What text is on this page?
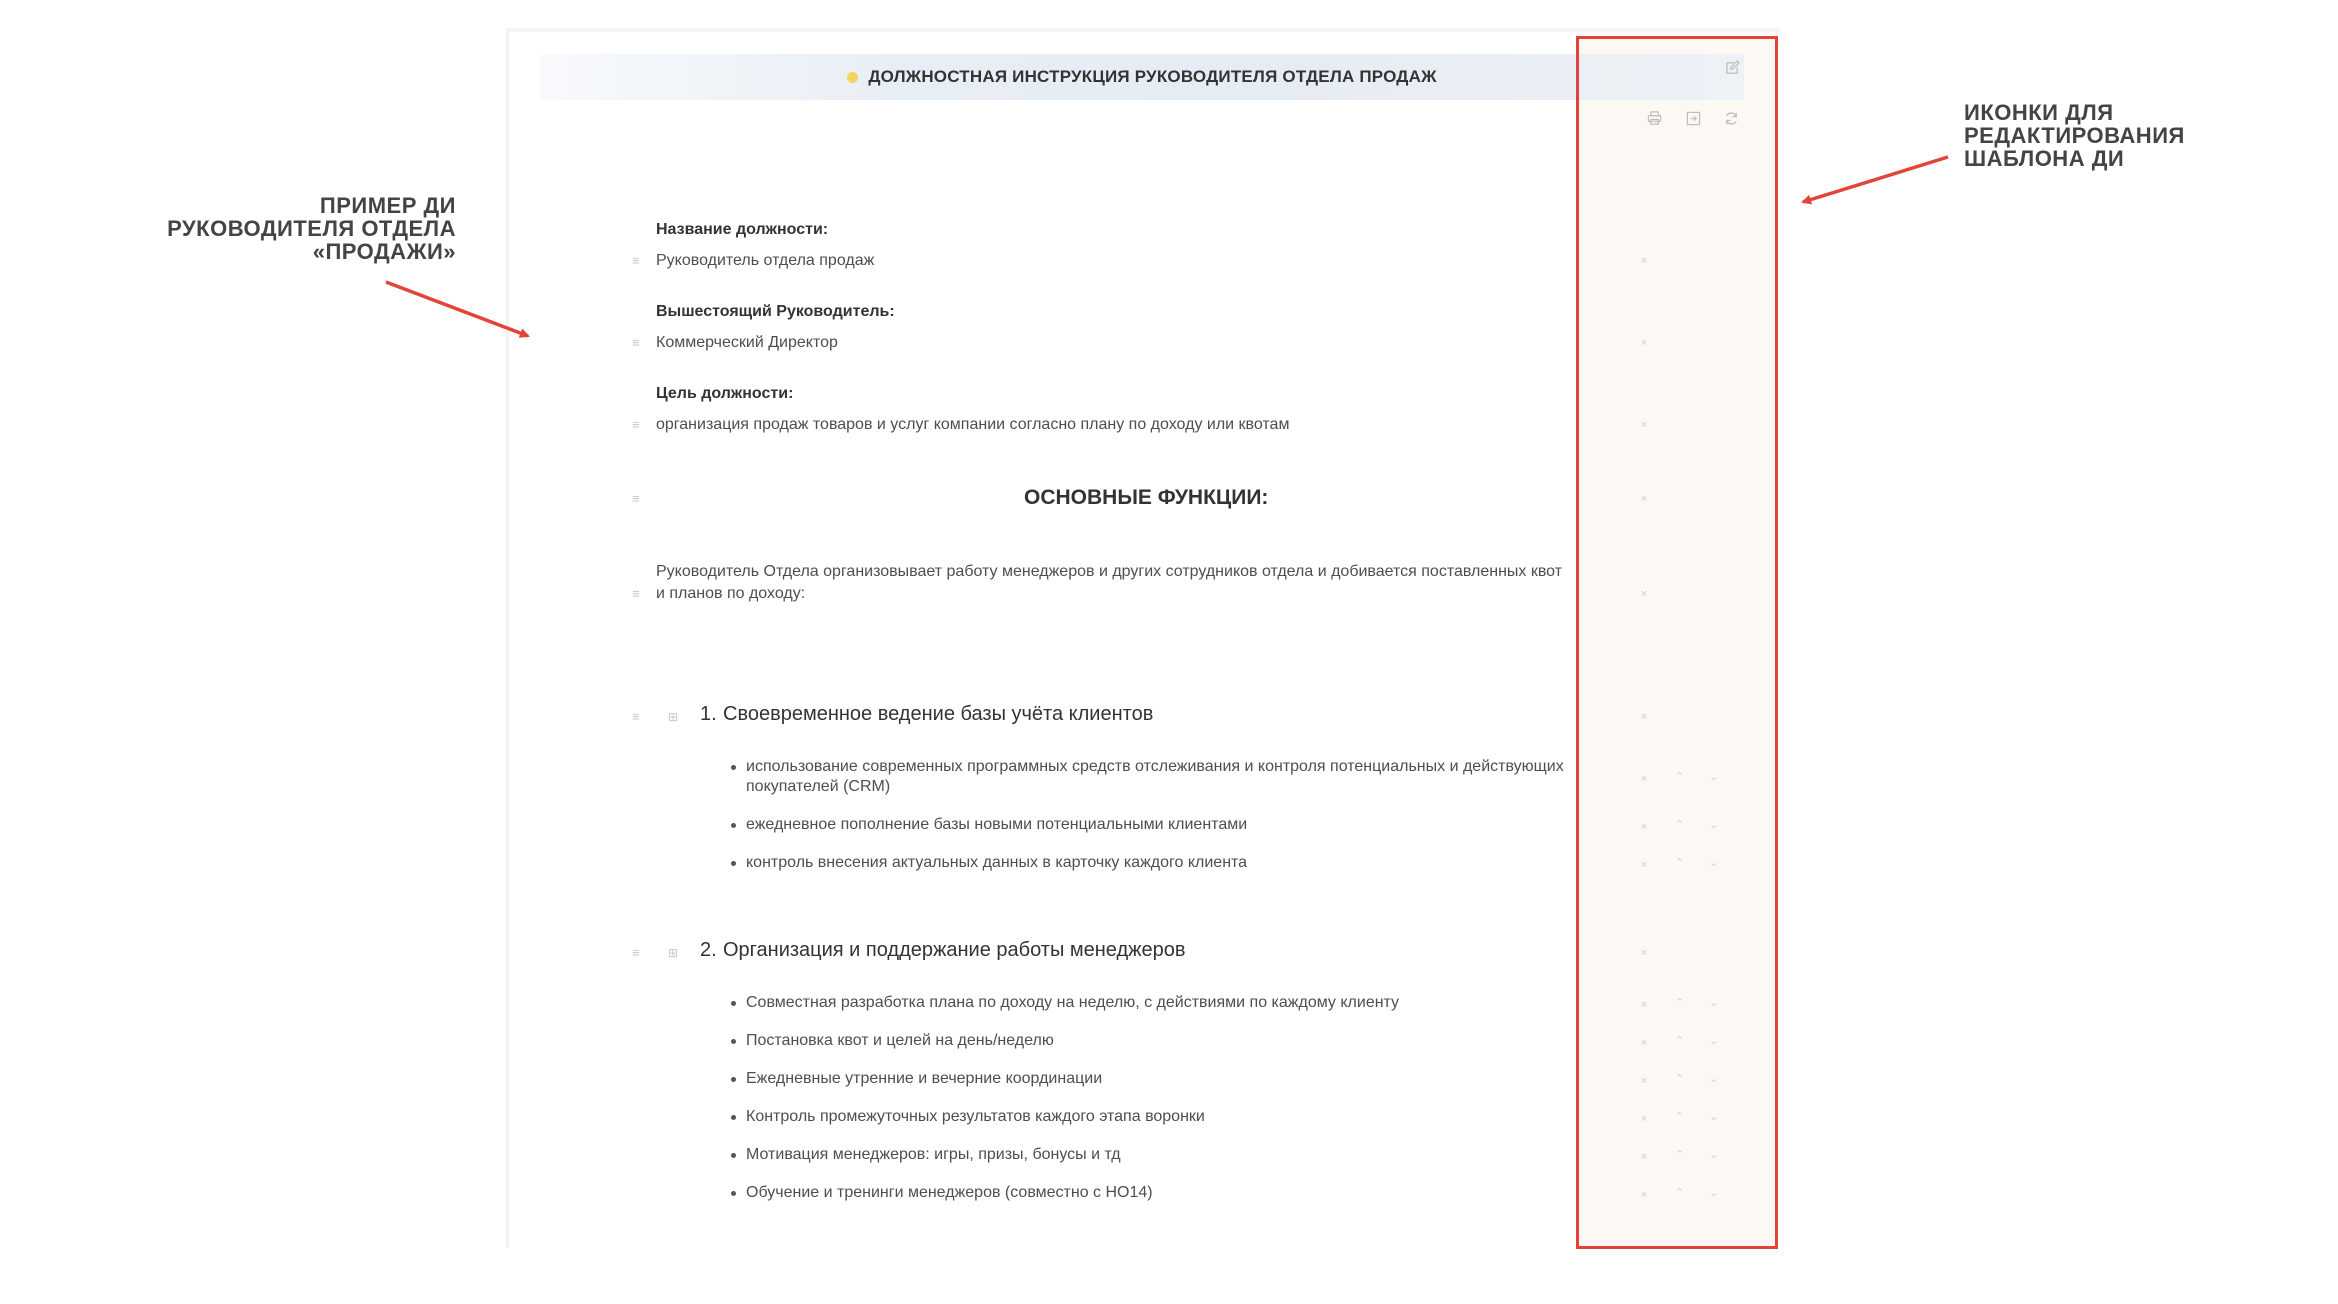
ДОЛЖНОСТНАЯ ИНСТРУКЦИЯ РУКОВОДИТЕЛЯ ОТДЕЛА ПРОДАЖ
Название должности:
≡ Руководитель отдела продаж	×
Вышестоящий Руководитель:
≡ Коммерческий Директор	×
Цель должности:
≡ организация продаж товаров и услуг компании согласно плану по доходу или квотам	×
≡	ОСНОВНЫЕ ФУНКЦИИ:	×
≡
Руководитель Отдела организовывает работу менеджеров и других сотрудников отдела и добивается поставленных квот
и планов по доходу:	×
≡ ⊞ 1. Своевременное ведение базы учёта клиентов	×
использование современных программных средств отслеживания и контроля потенциальных и действующих покупателей (CRM)	×	⌃ ⌄
ежедневное пополнение базы новыми потенциальными клиентами	×	⌃ ⌄
контроль внесения актуальных данных в карточку каждого клиента	×	⌃ ⌄
≡ ⊞ 2. Организация и поддержание работы менеджеров	×
Совместная разработка плана по доходу на неделю, с действиями по каждому клиенту	×	⌃ ⌄
Постановка квот и целей на день/неделю	×	⌃ ⌄
Ежедневные утренние и вечерние координации	×	⌃ ⌄
Контроль промежуточных результатов каждого этапа воронки	×	⌃ ⌄
Мотивация менеджеров: игры, призы, бонусы и тд	×	⌃ ⌄
Обучение и тренинги менеджеров (совместно с НО14)	×	⌃ ⌄
ПРИМЕР ДИ
РУКОВОДИТЕЛЯ ОТДЕЛА
«ПРОДАЖИ»
ИКОНКИ ДЛЯ
РЕДАКТИРОВАНИЯ
ШАБЛОНА ДИ
